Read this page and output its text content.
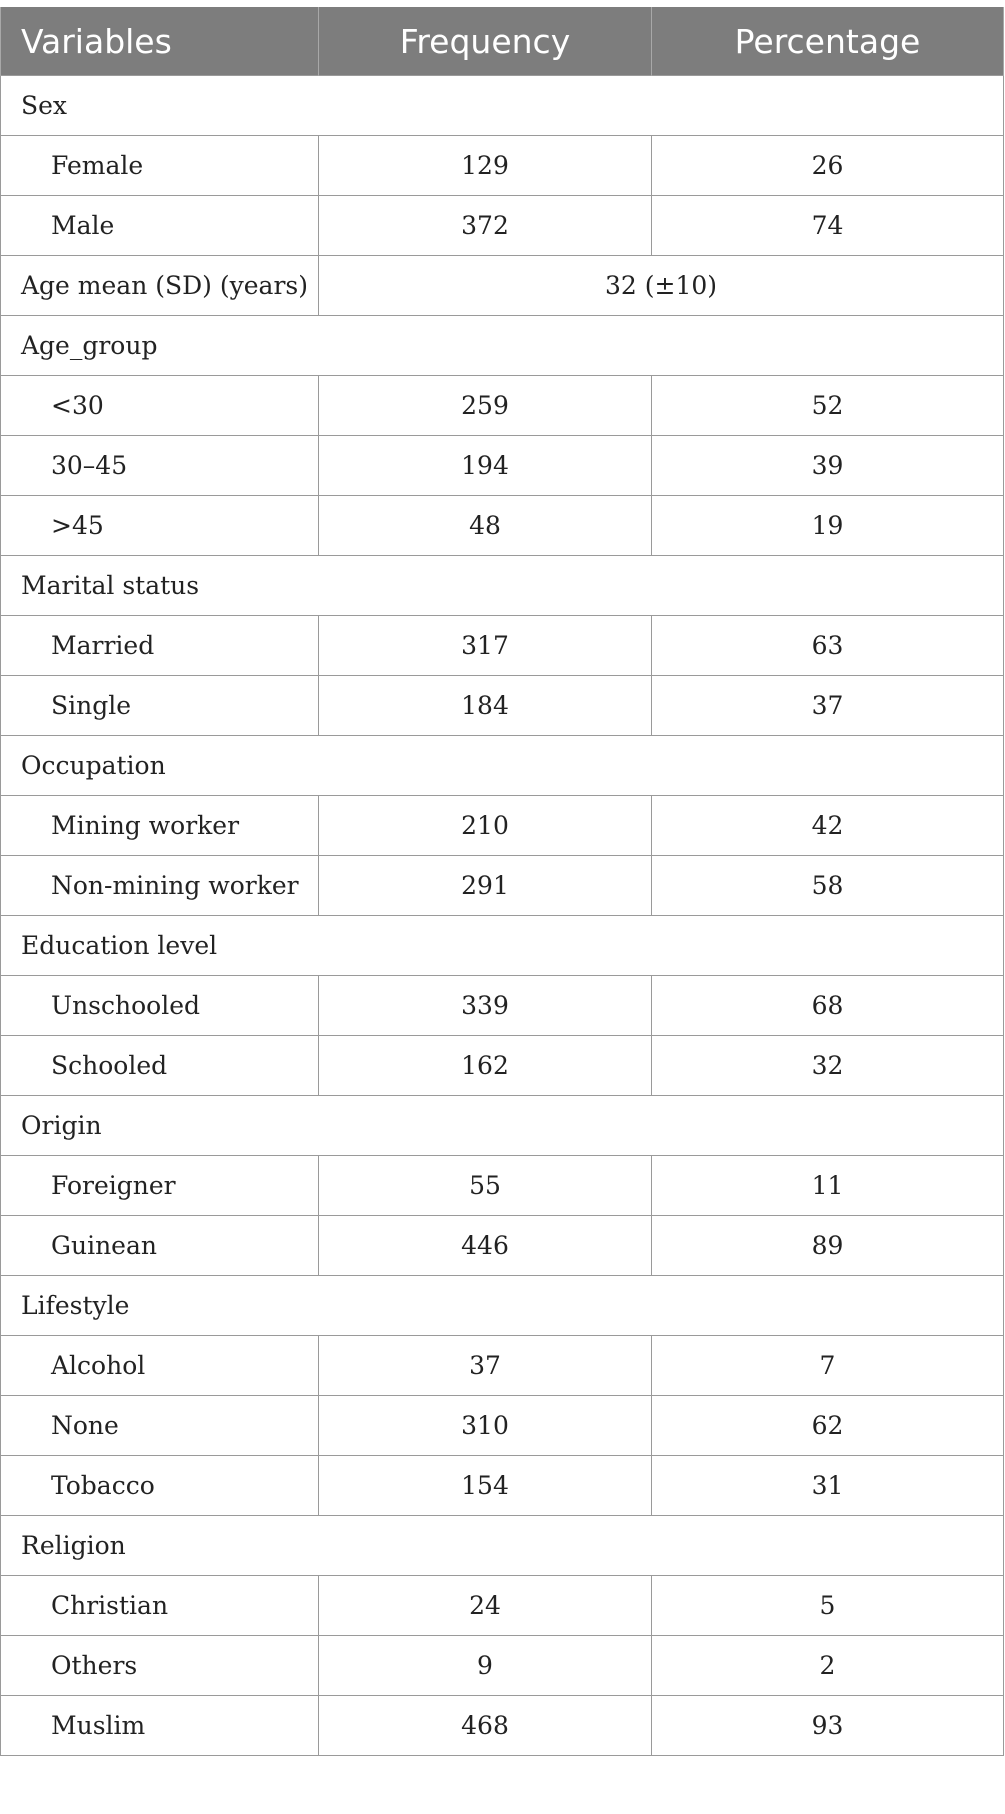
Variables	Frequency	Percentage
Sex		
Female	129	26
Male	372	74
Age mean (SD) (years)	32 (±10)	
Age_group		
<30	259	52
30–45	194	39
>45	48	19
Marital status		
Married	317	63
Single	184	37
Occupation		
Mining worker	210	42
Non-mining worker	291	58
Education level		
Unschooled	339	68
Schooled	162	32
Origin		
Foreigner	55	11
Guinean	446	89
Lifestyle		
Alcohol	37	7
None	310	62
Tobacco	154	31
Religion		
Christian	24	5
Others	9	2
Muslim	468	93
